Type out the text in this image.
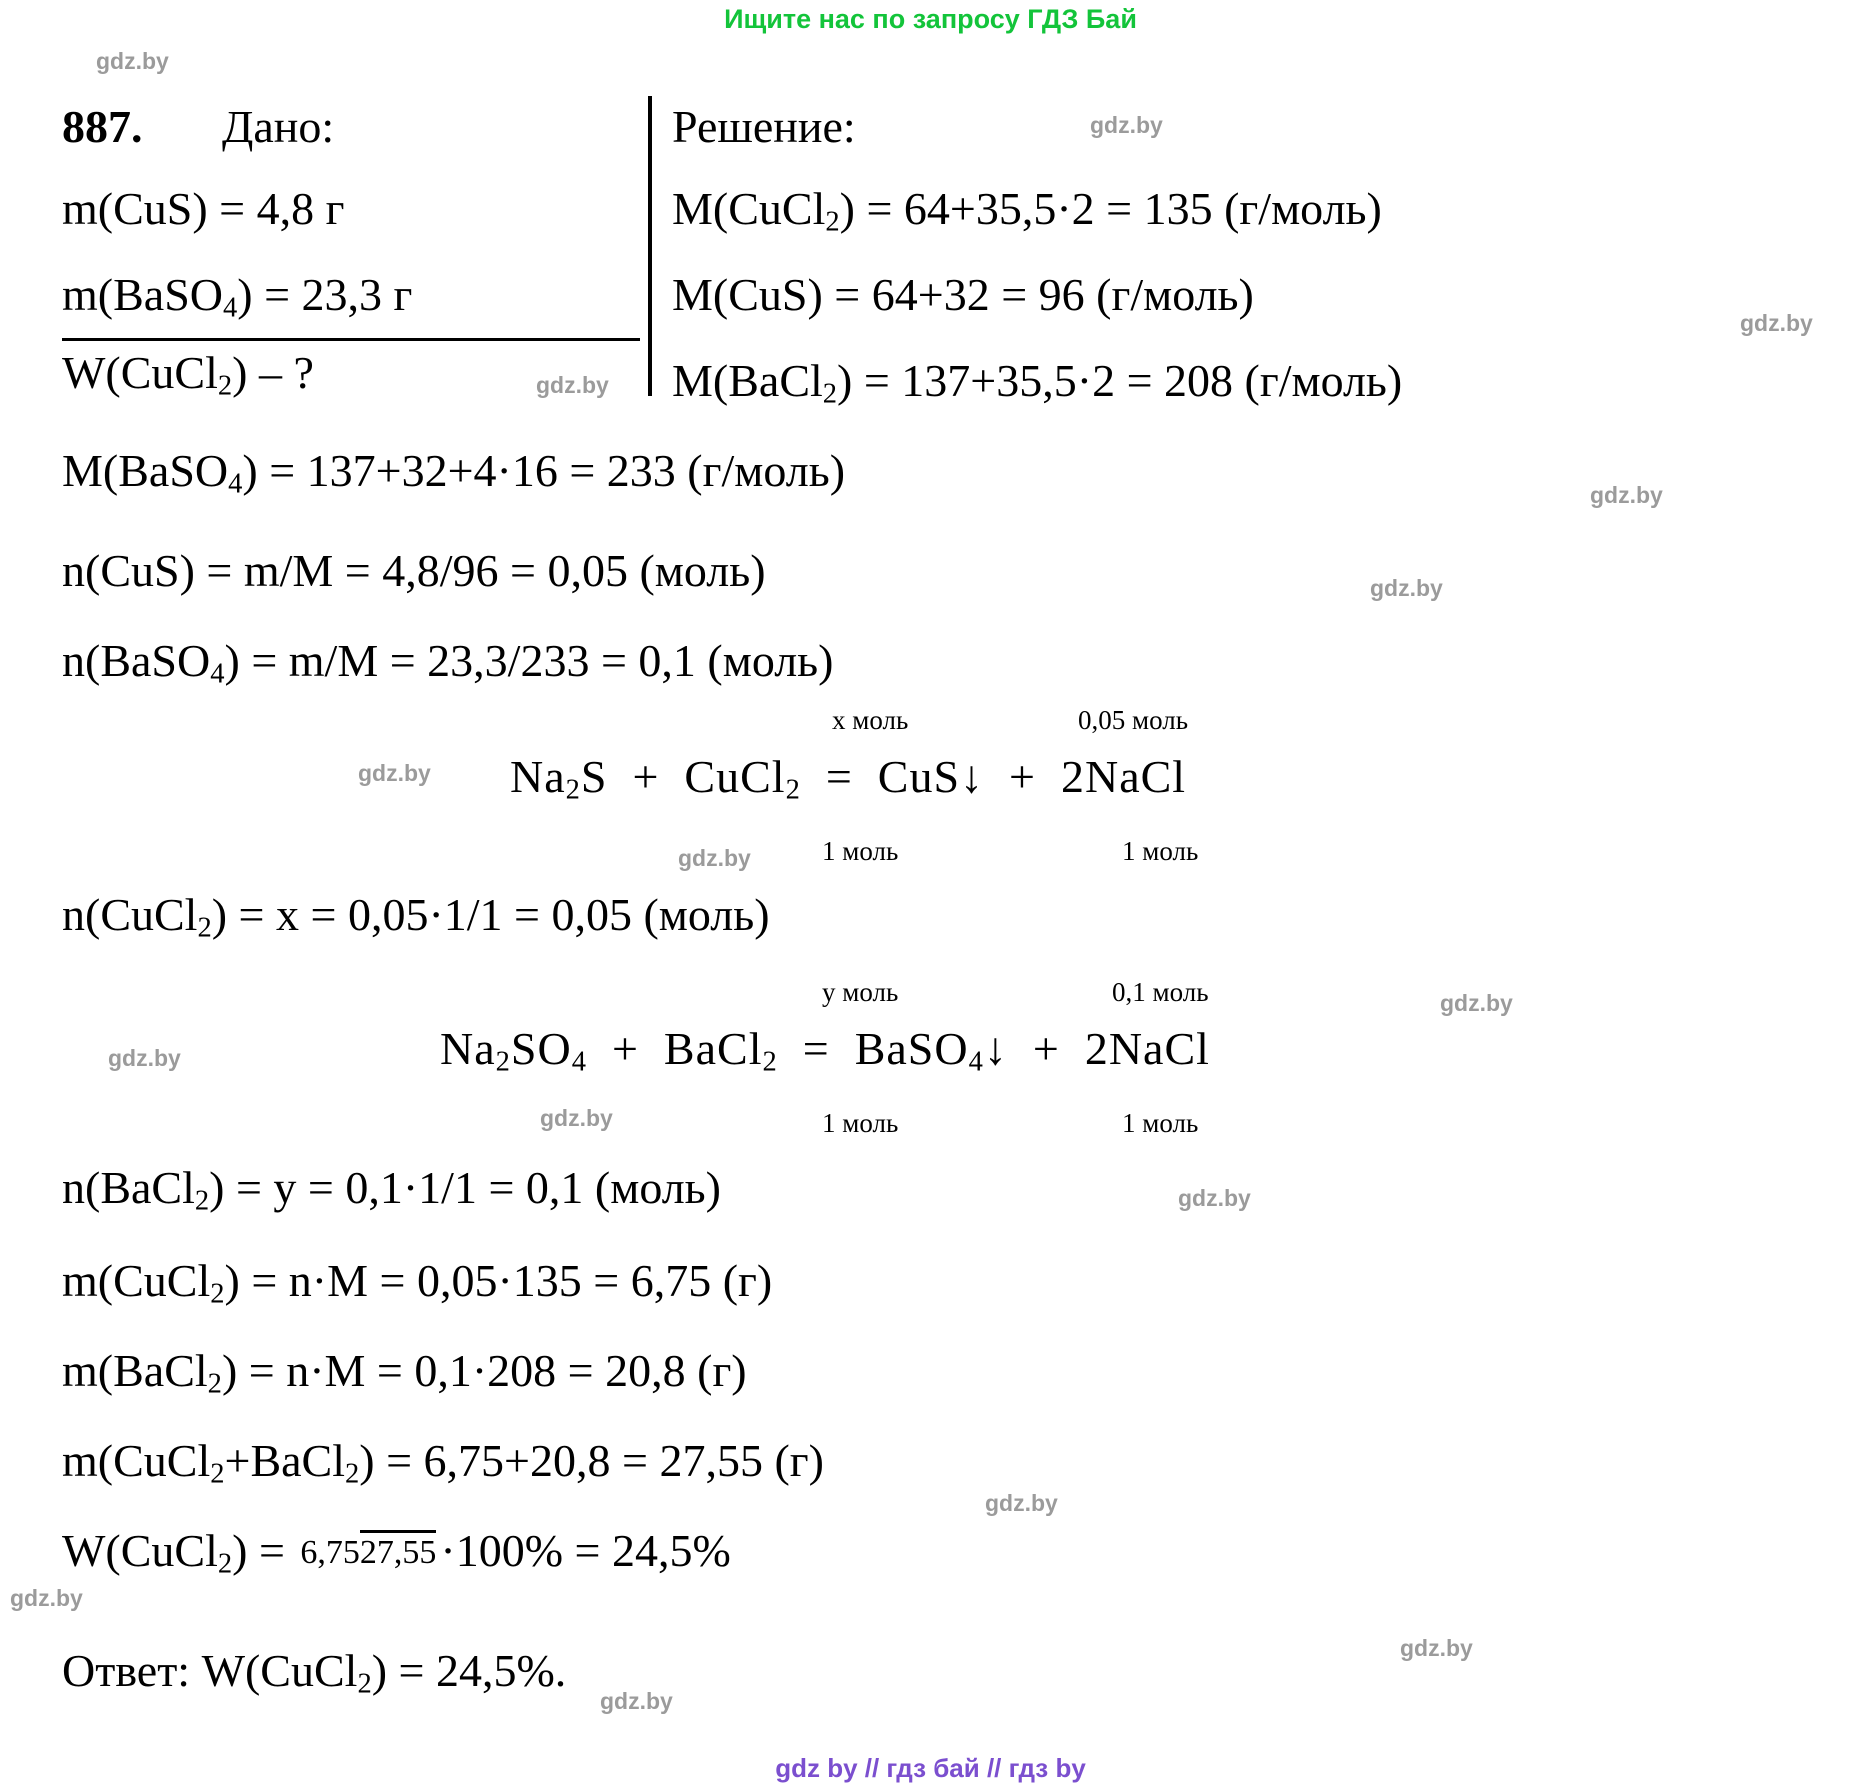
Ищите нас по запросу ГДЗ Бай
gdz.by
gdz.by
gdz.by
gdz.by
gdz.by
gdz.by
gdz.by
gdz.by
gdz.by
gdz.by
gdz.by
gdz.by
gdz.by
gdz.by
gdz.by
gdz.by
887. Дано:	Решение:
m(CuS) = 4,8 г
m(BaSO$_4$) = 23,3 г
W(CuCl$_2$) – ?
M(CuCl$_2$) = 64+35,5·2 = 135 (г/моль)
M(CuS) = 64+32 = 96 (г/моль)
M(BaCl$_2$) = 137+35,5·2 = 208 (г/моль)
M(BaSO$_4$) = 137+32+4·16 = 233 (г/моль)
n(CuS) = m/M = 4,8/96 = 0,05 (моль)
n(BaSO$_4$) = m/M = 23,3/233 = 0,1 (моль)
х моль	0,05 моль
$Na_2S$  +  CuCl$_2$  =  CuS↓  +  2NaCl
1 моль	1 моль
n(CuCl$_2$) = x = 0,05·1/1 = 0,05 (моль)
у моль	0,1 моль
$Na_2SO_4$  +  BaCl$_2$  =  BaSO$_4$↓  +  2NaCl
1 моль	1 моль
n(BaCl$_2$) = y = 0,1·1/1 = 0,1 (моль)
m(CuCl$_2$) = n·M = 0,05·135 = 6,75 (г)
m(BaCl$_2$) = n·M = 0,1·208 = 20,8 (г)
m(CuCl$_2$+BaCl$_2$) = 6,75+20,8 = 27,55 (г)
W(CuCl$_2$) = 6,7527,55·100% = 24,5%
Ответ: W(CuCl$_2$) = 24,5%.
gdz by // гдз бай // гдз by
